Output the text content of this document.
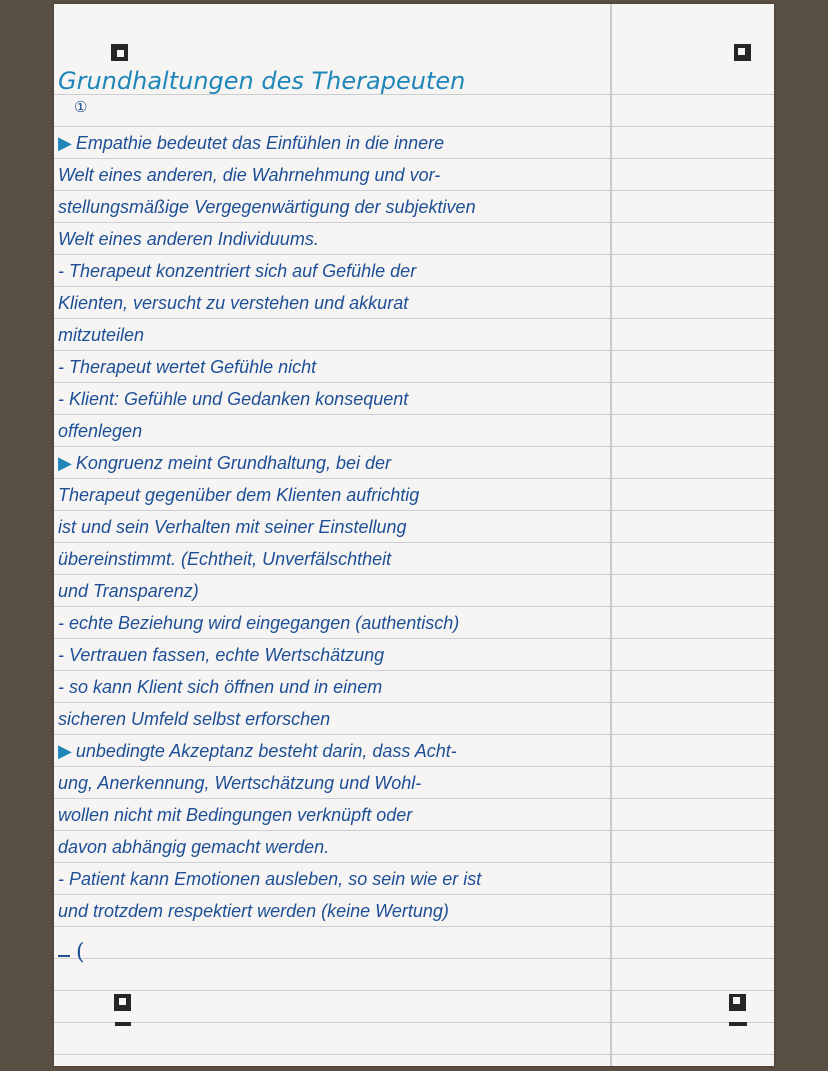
Grundhaltungen des Therapeuten
①
▶ Empathie bedeutet das Einfühlen in die innere
Welt eines anderen, die Wahrnehmung und vor-
stellungsmäßige Vergegenwärtigung der subjektiven
Welt eines anderen Individuums.
- Therapeut konzentriert sich auf Gefühle der
Klienten, versucht zu verstehen und akkurat
mitzuteilen
- Therapeut wertet Gefühle nicht
- Klient: Gefühle und Gedanken konsequent
offenlegen
▶ Kongruenz meint Grundhaltung, bei der
Therapeut gegenüber dem Klienten aufrichtig
ist und sein Verhalten mit seiner Einstellung
übereinstimmt. (Echtheit, Unverfälschtheit
und Transparenz)
- echte Beziehung wird eingegangen (authentisch)
- Vertrauen fassen, echte Wertschätzung
- so kann Klient sich öffnen und in einem
sicheren Umfeld selbst erforschen
▶ unbedingte Akzeptanz besteht darin, dass Acht-
ung, Anerkennung, Wertschätzung und Wohl-
wollen nicht mit Bedingungen verknüpft oder
davon abhängig gemacht werden.
- Patient kann Emotionen ausleben, so sein wie er ist
und trotzdem respektiert werden (keine Wertung)
(
